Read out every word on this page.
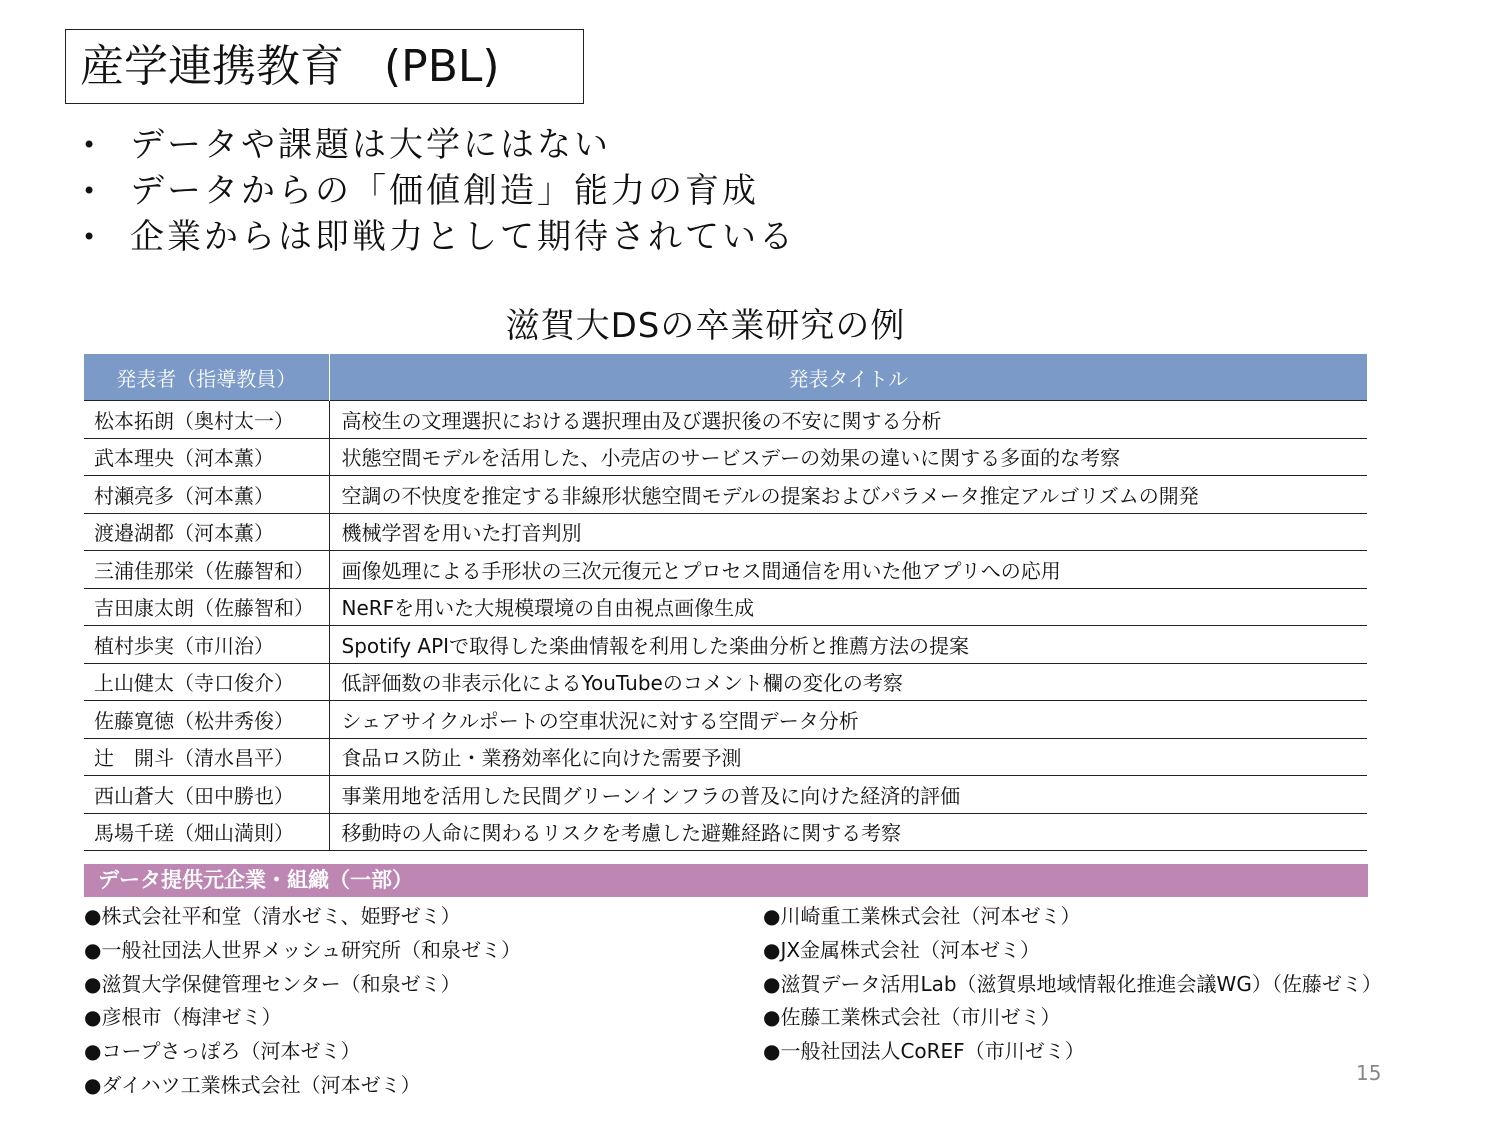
産学連携教育 (PBL)
• データや課題は大学にはない
• データからの「価値創造」能力の育成
• 企業からは即戦力として期待されている
滋賀大DSの卒業研究の例
発表者（指導教員）	発表タイトル
松本拓朗（奥村太一）	高校生の文理選択における選択理由及び選択後の不安に関する分析
武本理央（河本薫）	状態空間モデルを活用した、小売店のサービスデーの効果の違いに関する多面的な考察
村瀬亮多（河本薫）	空調の不快度を推定する非線形状態空間モデルの提案およびパラメータ推定アルゴリズムの開発
渡邉湖都（河本薫）	機械学習を用いた打音判別
三浦佳那栄（佐藤智和）	画像処理による手形状の三次元復元とプロセス間通信を用いた他アプリへの応用
吉田康太朗（佐藤智和）	NeRFを用いた大規模環境の自由視点画像生成
植村歩実（市川治）	Spotify APIで取得した楽曲情報を利用した楽曲分析と推薦方法の提案
上山健太（寺口俊介）	低評価数の非表示化によるYouTubeのコメント欄の変化の考察
佐藤寛徳（松井秀俊）	シェアサイクルポートの空車状況に対する空間データ分析
辻　開斗（清水昌平）	食品ロス防止・業務効率化に向けた需要予測
西山蒼大（田中勝也）	事業用地を活用した民間グリーンインフラの普及に向けた経済的評価
馬場千瑳（畑山満則）	移動時の人命に関わるリスクを考慮した避難経路に関する考察
データ提供元企業・組織（一部）
●株式会社平和堂（清水ゼミ、姫野ゼミ）
●一般社団法人世界メッシュ研究所（和泉ゼミ）
●滋賀大学保健管理センター（和泉ゼミ）
●彦根市（梅津ゼミ）
●コープさっぽろ（河本ゼミ）
●ダイハツ工業株式会社（河本ゼミ）
●川崎重工業株式会社（河本ゼミ）
●JX金属株式会社（河本ゼミ）
●滋賀データ活用Lab（滋賀県地域情報化推進会議WG）（佐藤ゼミ）
●佐藤工業株式会社（市川ゼミ）
●一般社団法人CoREF（市川ゼミ）
15
